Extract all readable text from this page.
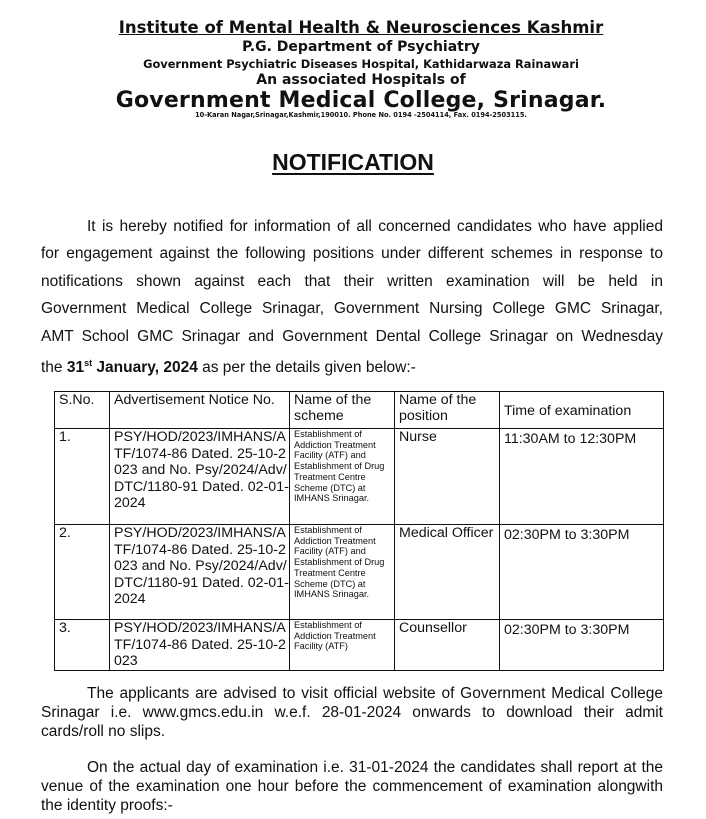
Institute of Mental Health & Neurosciences Kashmir
P.G. Department of Psychiatry
Government Psychiatric Diseases Hospital, Kathidarwaza Rainawari
An associated Hospitals of
Government Medical College, Srinagar.
10-Karan Nagar,Srinagar,Kashmir,190010. Phone No. 0194 -2504114, Fax. 0194-2503115.
NOTIFICATION
It is hereby notified for information of all concerned candidates who have applied
for engagement against the following positions under different schemes in response to
notifications shown against each that their written examination will be held in
Government Medical College Srinagar, Government Nursing College GMC Srinagar,
AMT School GMC Srinagar and Government Dental College Srinagar on Wednesday
the 31st January, 2024 as per the details given below:-
S.No.	Advertisement Notice No.	Name of the scheme	Name of the position	Time of examination
1.	PSY/HOD/2023/IMHANS/ATF/1074-86 Dated. 25-10-2023 and No. Psy/2024/Adv/DTC/1180-91 Dated. 02-01-2024	Establishment of Addiction Treatment Facility (ATF) and Establishment of Drug Treatment Centre Scheme (DTC) at IMHANS Srinagar.	Nurse	11:30AM to 12:30PM
2.	PSY/HOD/2023/IMHANS/ATF/1074-86 Dated. 25-10-2023 and No. Psy/2024/Adv/DTC/1180-91 Dated. 02-01-2024	Establishment of Addiction Treatment Facility (ATF) and Establishment of Drug Treatment Centre Scheme (DTC) at IMHANS Srinagar.	Medical Officer	02:30PM to 3:30PM
3.	PSY/HOD/2023/IMHANS/ATF/1074-86 Dated. 25-10-2023	Establishment of Addiction Treatment Facility (ATF)	Counsellor	02:30PM to 3:30PM
The applicants are advised to visit official website of Government Medical College Srinagar i.e. www.gmcs.edu.in w.e.f. 28-01-2024 onwards to download their admit cards/roll no slips.
On the actual day of examination i.e. 31-01-2024 the candidates shall report at the venue of the examination one hour before the commencement of examination alongwith the identity proofs:-
